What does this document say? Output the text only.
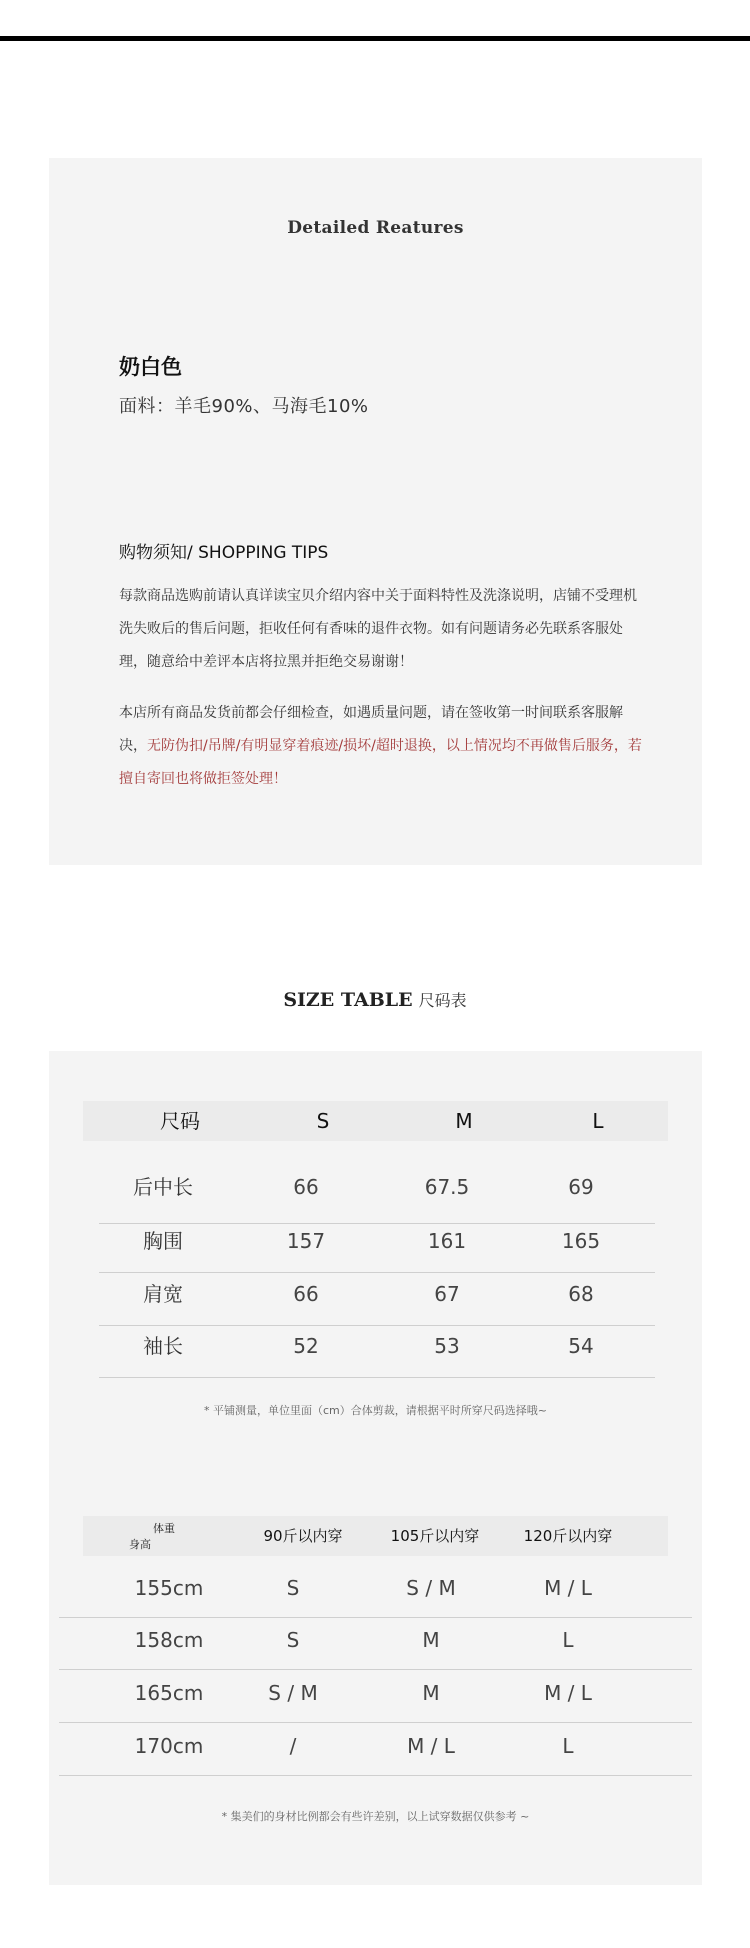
Detailed Reatures
奶白色
面料：羊毛90%、马海毛10%
购物须知/ SHOPPING TIPS
每款商品选购前请认真详读宝贝介绍内容中关于面料特性及洗涤说明，店铺不受理机洗失败后的售后问题，拒收任何有香味的退件衣物。如有问题请务必先联系客服处理，随意给中差评本店将拉黑并拒绝交易谢谢！
本店所有商品发货前都会仔细检查，如遇质量问题，请在签收第一时间联系客服解决，无防伪扣/吊牌/有明显穿着痕迹/损坏/超时退换，以上情况均不再做售后服务，若擅自寄回也将做拒签处理！
SIZE TABLE 尺码表
尺码	S	M	L
后中长	66	67.5	69
胸围	157	161	165
肩宽	66	67	68
袖长	52	53	54
* 平铺测量，单位里面（cm）合体剪裁，请根据平时所穿尺码选择哦~
体重
身高	90斤以内穿	105斤以内穿	120斤以内穿
155cm	S	S / M	M / L
158cm	S	M	L
165cm	S / M	M	M / L
170cm	/	M / L	L
* 集美们的身材比例都会有些许差别，以上试穿数据仅供参考 ~
